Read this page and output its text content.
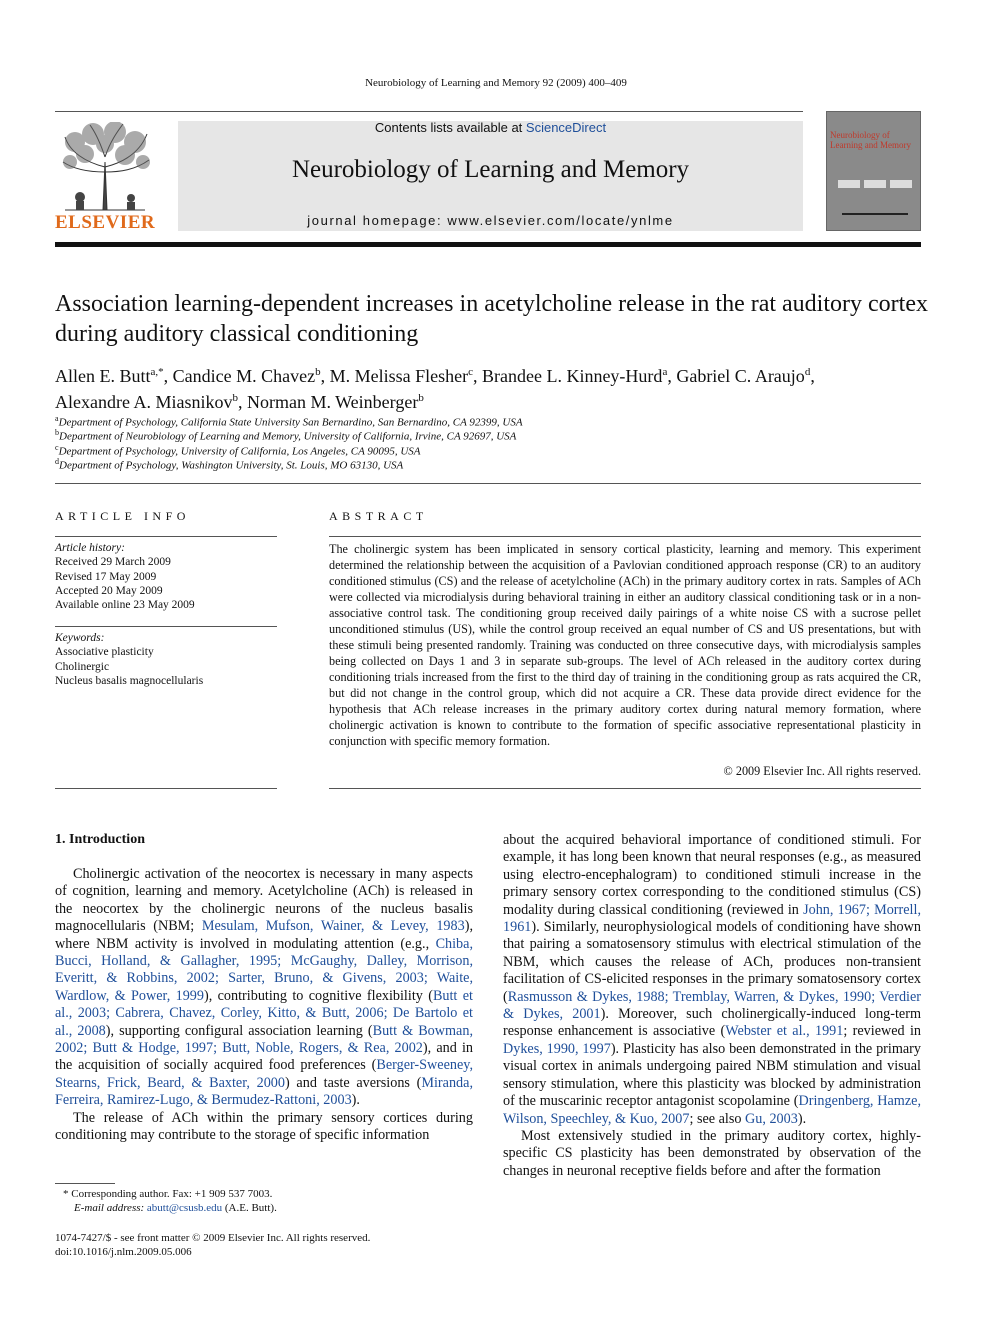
Neurobiology of Learning and Memory 92 (2009) 400–409
ELSEVIER
Contents lists available at ScienceDirect
Neurobiology of Learning and Memory
journal homepage: www.elsevier.com/locate/ynlme
Neurobiology of Learning and Memory
Association learning-dependent increases in acetylcholine release in the rat auditory cortex during auditory classical conditioning
Allen E. Butt$^{a,*}$, Candice M. Chavez$^b$, M. Melissa Flesher$^c$, Brandee L. Kinney-Hurd$^a$, Gabriel C. Araujo$^d$,
Alexandre A. Miasnikov$^b$, Norman M. Weinberger$^b$
$^a$Department of Psychology, California State University San Bernardino, San Bernardino, CA 92399, USA
$^b$Department of Neurobiology of Learning and Memory, University of California, Irvine, CA 92697, USA
$^c$Department of Psychology, University of California, Los Angeles, CA 90095, USA
$^d$Department of Psychology, Washington University, St. Louis, MO 63130, USA
ARTICLE INFO
Article history:
Received 29 March 2009
Revised 17 May 2009
Accepted 20 May 2009
Available online 23 May 2009
Keywords:
Associative plasticity
Cholinergic
Nucleus basalis magnocellularis
ABSTRACT
The cholinergic system has been implicated in sensory cortical plasticity, learning and memory. This experiment determined the relationship between the acquisition of a Pavlovian conditioned approach response (CR) to an auditory conditioned stimulus (CS) and the release of acetylcholine (ACh) in the primary auditory cortex in rats. Samples of ACh were collected via microdialysis during behavioral training in either an auditory classical conditioning task or in a non-associative control task. The conditioning group received daily pairings of a white noise CS with a sucrose pellet unconditioned stimulus (US), while the control group received an equal number of CS and US presentations, but with these stimuli being presented randomly. Training was conducted on three consecutive days, with microdialysis samples being collected on Days 1 and 3 in separate sub-groups. The level of ACh released in the auditory cortex during conditioning trials increased from the first to the third day of training in the conditioning group as rats acquired the CR, but did not change in the control group, which did not acquire a CR. These data provide direct evidence for the hypothesis that ACh release increases in the primary auditory cortex during natural memory formation, where cholinergic activation is known to contribute to the formation of specific associative representational plasticity in conjunction with specific memory formation.
© 2009 Elsevier Inc. All rights reserved.
1. Introduction

Cholinergic activation of the neocortex is necessary in many aspects of cognition, learning and memory. Acetylcholine (ACh) is released in the neocortex by the cholinergic neurons of the nucleus basalis magnocellularis (NBM; Mesulam, Mufson, Wainer, & Levey, 1983), where NBM activity is involved in modulating attention (e.g., Chiba, Bucci, Holland, & Gallagher, 1995; McGaughy, Dalley, Morrison, Everitt, & Robbins, 2002; Sarter, Bruno, & Givens, 2003; Waite, Wardlow, & Power, 1999), contributing to cognitive flexibility (Butt et al., 2003; Cabrera, Chavez, Corley, Kitto, & Butt, 2006; De Bartolo et al., 2008), supporting configural association learning (Butt & Bowman, 2002; Butt & Hodge, 1997; Butt, Noble, Rogers, & Rea, 2002), and in the acquisition of socially acquired food preferences (Berger-Sweeney, Stearns, Frick, Beard, & Baxter, 2000) and taste aversions (Miranda, Ferreira, Ramirez-Lugo, & Bermudez-Rattoni, 2003).

The release of ACh within the primary sensory cortices during conditioning may contribute to the storage of specific information

about the acquired behavioral importance of conditioned stimuli. For example, it has long been known that neural responses (e.g., as measured using electro-encephalogram) to conditioned stimuli increase in the primary sensory cortex corresponding to the conditioned stimulus (CS) modality during classical conditioning (reviewed in John, 1967; Morrell, 1961). Similarly, neurophysiological models of conditioning have shown that pairing a somatosensory stimulus with electrical stimulation of the NBM, which causes the release of ACh, produces non-transient facilitation of CS-elicited responses in the primary somatosensory cortex (Rasmusson & Dykes, 1988; Tremblay, Warren, & Dykes, 1990; Verdier & Dykes, 2001). Moreover, such cholinergically-induced long-term response enhancement is associative (Webster et al., 1991; reviewed in Dykes, 1990, 1997). Plasticity has also been demonstrated in the primary visual cortex in animals undergoing paired NBM stimulation and visual sensory stimulation, where this plasticity was blocked by administration of the muscarinic receptor antagonist scopolamine (Dringenberg, Hamze, Wilson, Speechley, & Kuo, 2007; see also Gu, 2003).

Most extensively studied in the primary auditory cortex, highly-specific CS plasticity has been demonstrated by observation of the changes in neuronal receptive fields before and after the formation

* Corresponding author. Fax: +1 909 537 7003.
E-mail address: abutt@csusb.edu (A.E. Butt).
1074-7427/$ - see front matter © 2009 Elsevier Inc. All rights reserved.
doi:10.1016/j.nlm.2009.05.006
